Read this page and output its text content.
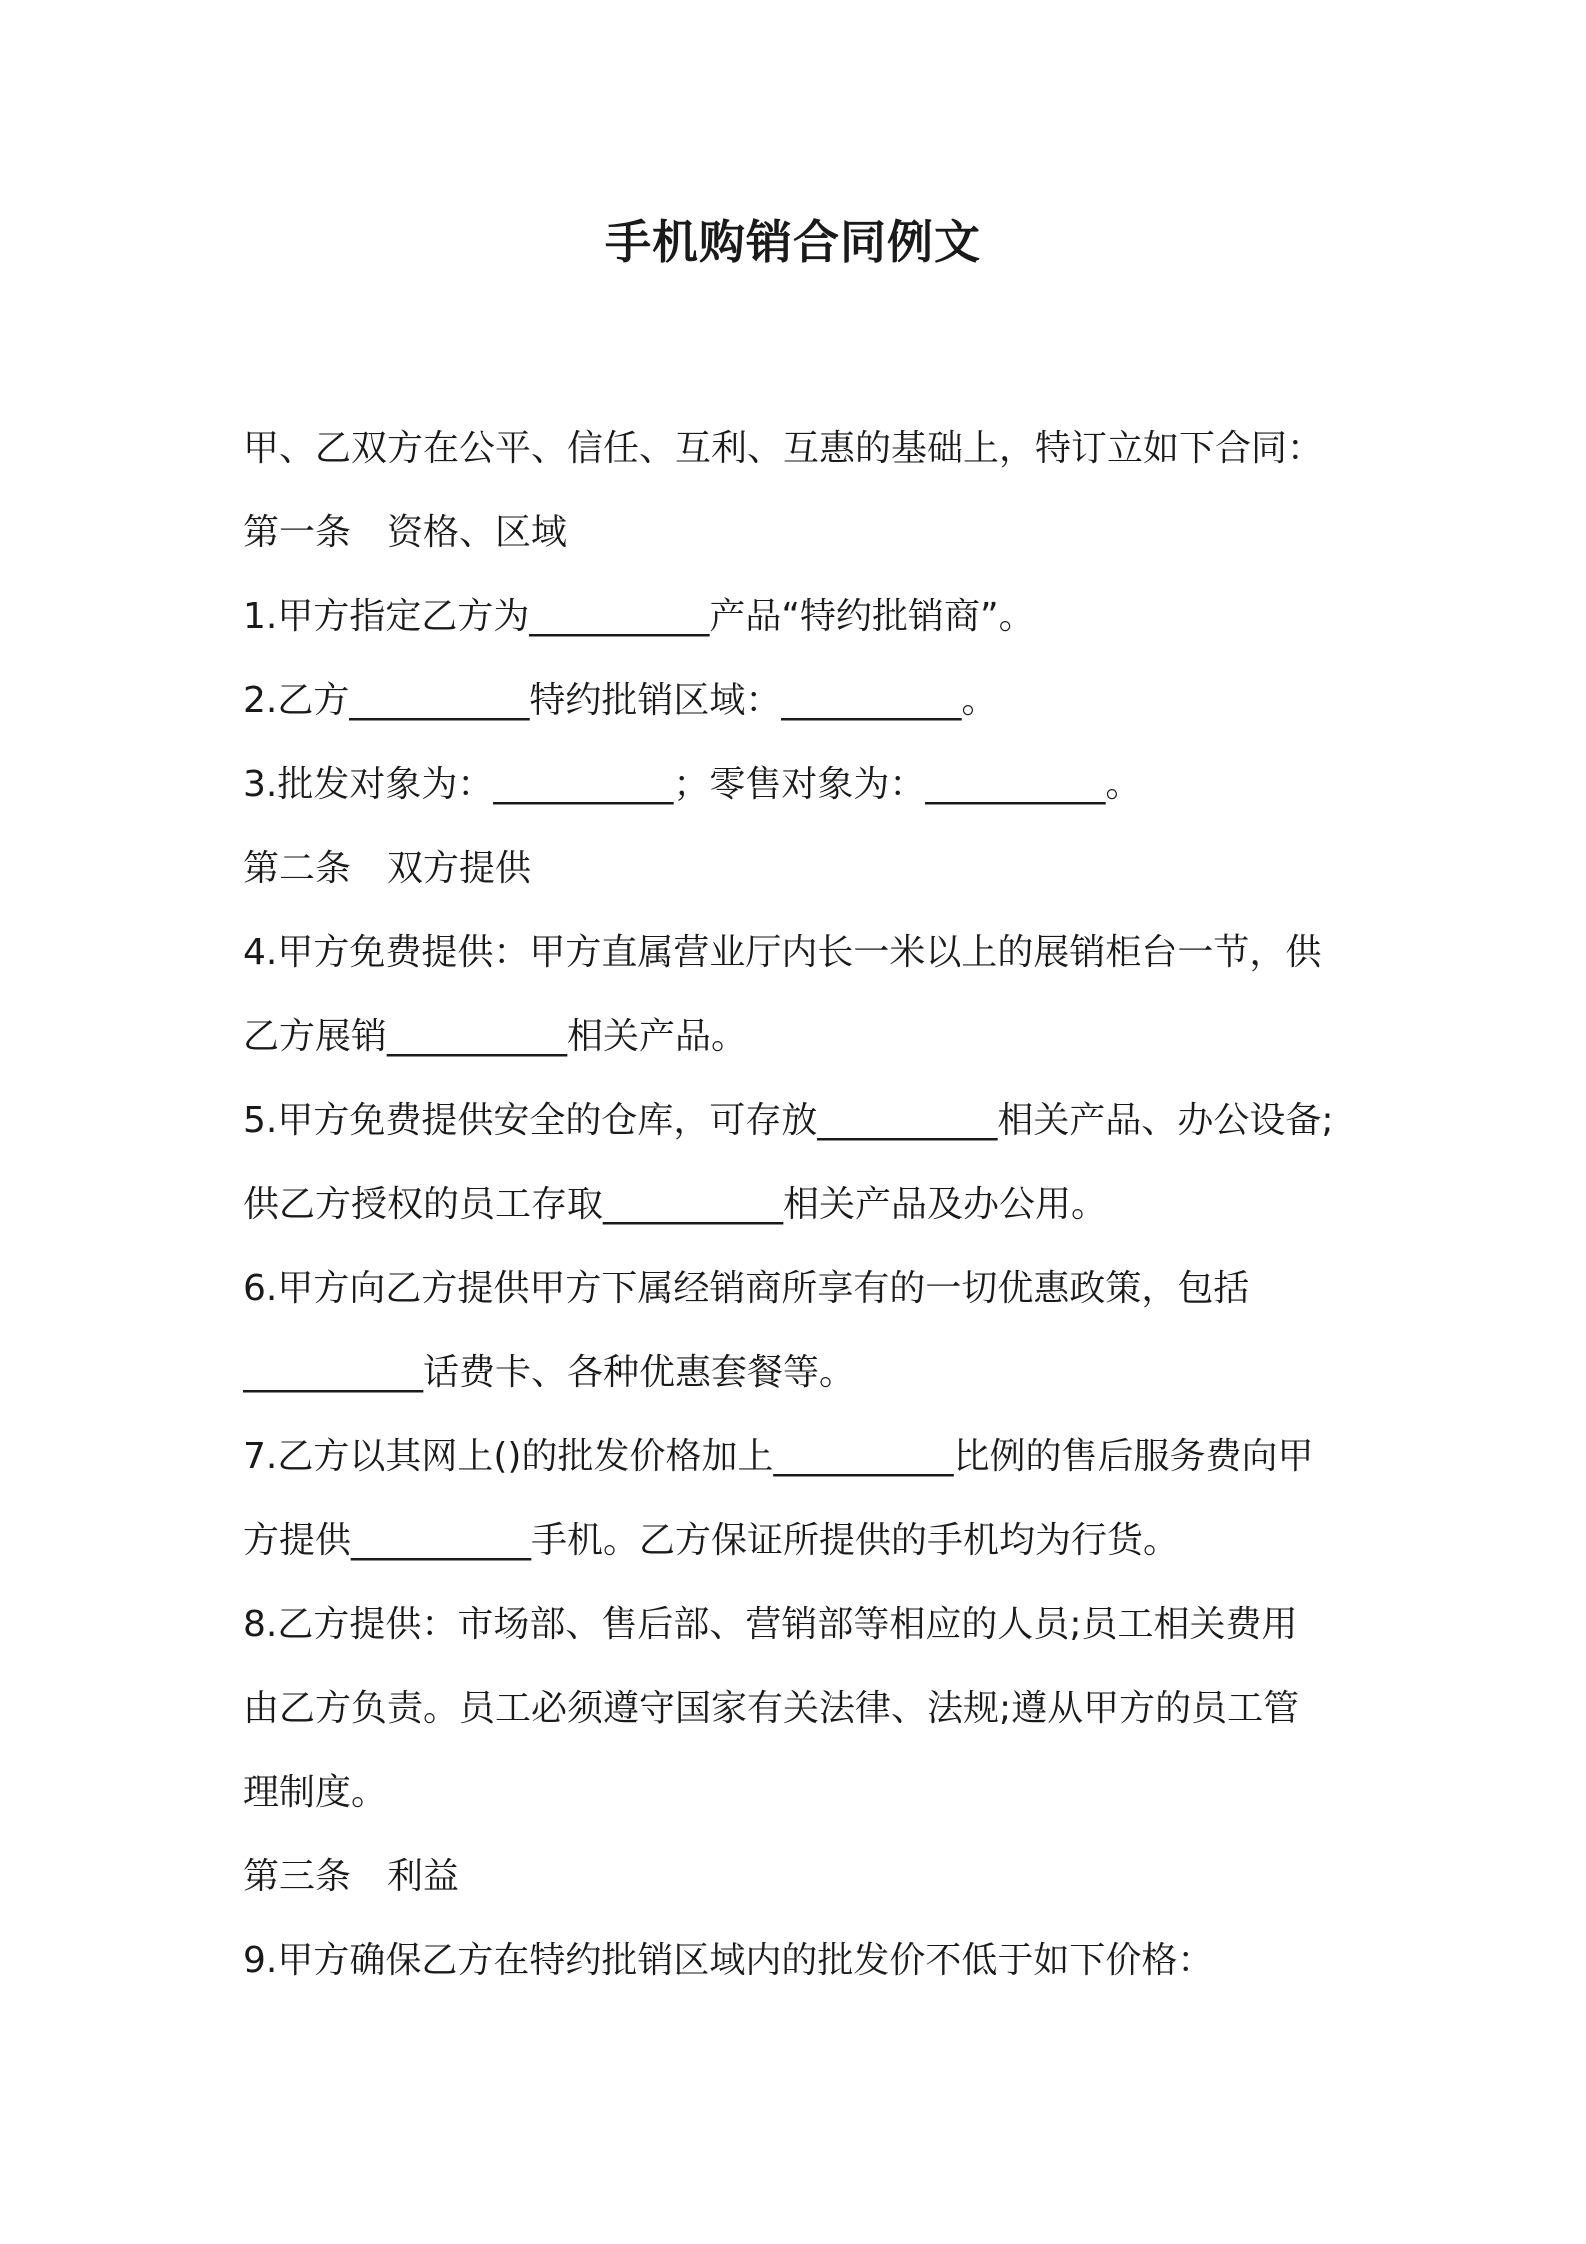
手机购销合同例文
甲、乙双方在公平、信任、互利、互惠的基础上，特订立如下合同：
第一条　资格、区域
1.甲方指定乙方为__________产品“特约批销商”。
2.乙方__________特约批销区域：__________。
3.批发对象为：__________；零售对象为：__________。
第二条　双方提供
4.甲方免费提供：甲方直属营业厅内长一米以上的展销柜台一节，供
乙方展销__________相关产品。
5.甲方免费提供安全的仓库，可存放__________相关产品、办公设备;
供乙方授权的员工存取__________相关产品及办公用。
6.甲方向乙方提供甲方下属经销商所享有的一切优惠政策，包括
__________话费卡、各种优惠套餐等。
7.乙方以其网上()的批发价格加上__________比例的售后服务费向甲
方提供__________手机。乙方保证所提供的手机均为行货。
8.乙方提供：市场部、售后部、营销部等相应的人员;员工相关费用
由乙方负责。员工必须遵守国家有关法律、法规;遵从甲方的员工管
理制度。
第三条　利益
9.甲方确保乙方在特约批销区域内的批发价不低于如下价格：
